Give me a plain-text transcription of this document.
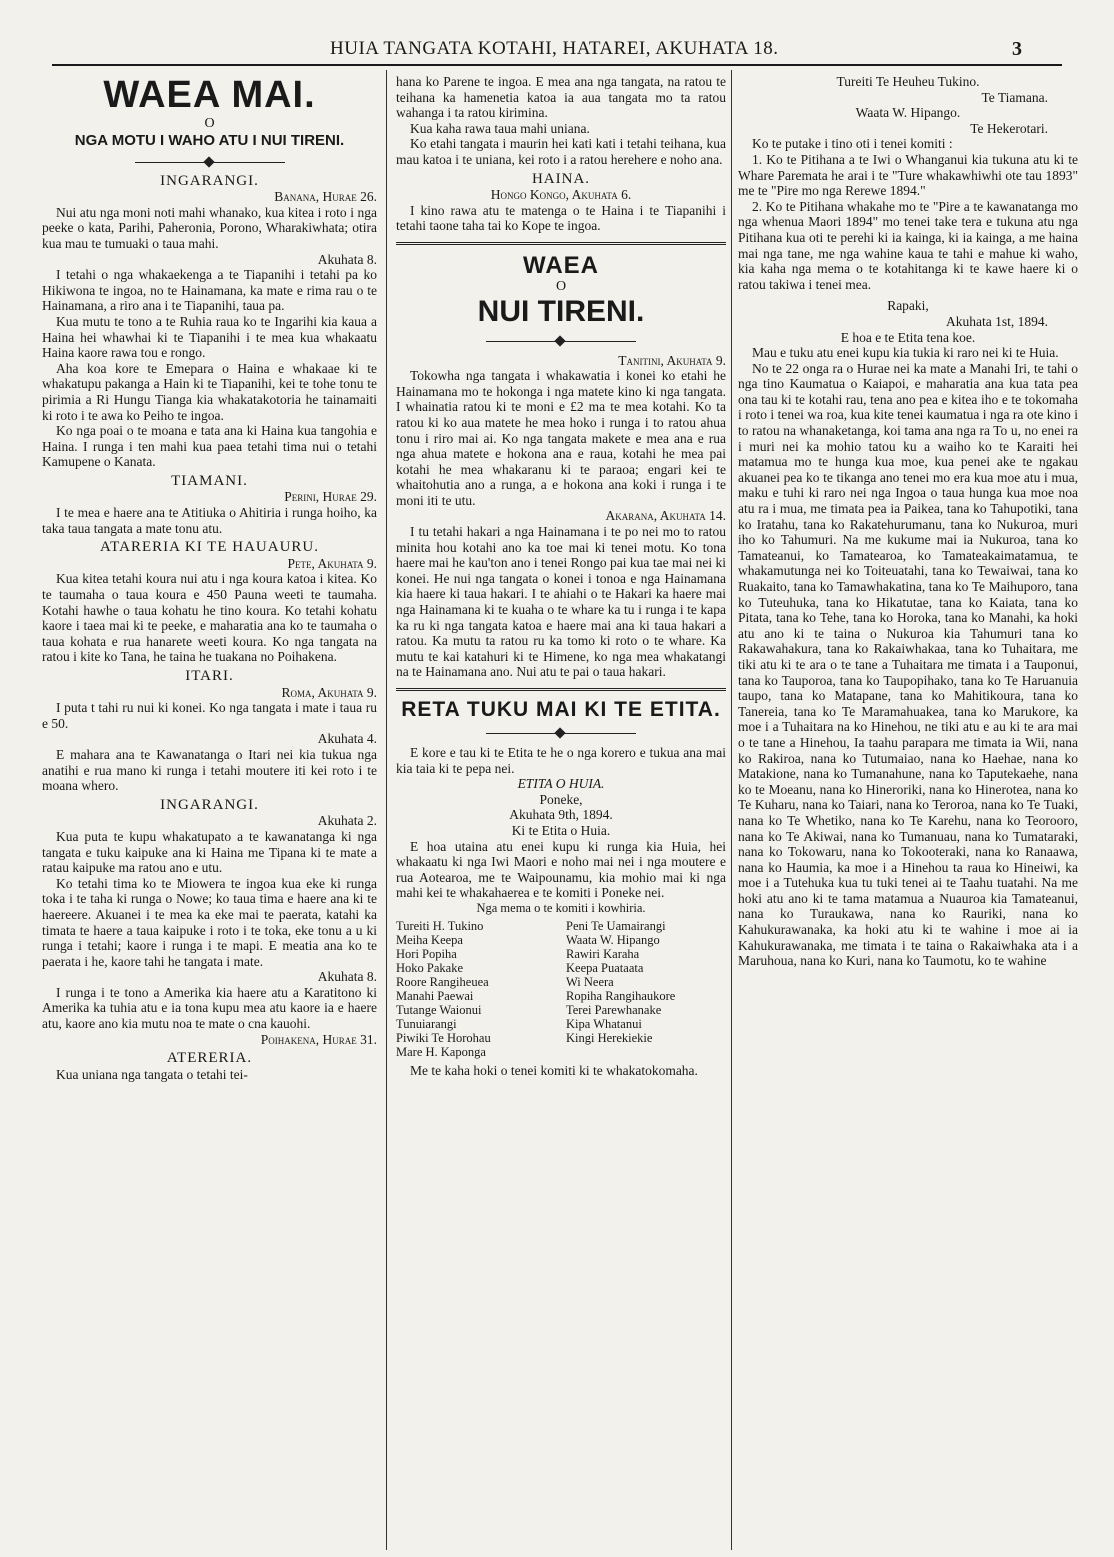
HUIA TANGATA KOTAHI, HATAREI, AKUHATA 18.	3
WAEA MAI.
O
NGA MOTU I WAHO ATU I NUI TIRENI.
INGARANGI.

Banana, Hurae 26.

Nui atu nga moni noti mahi whanako, kua kitea i roto i nga peeke o kata, Parihi, Paheronia, Porono, Wharakiwhata; otira kua mau te tumuaki o taua mahi.

Akuhata 8.

I tetahi o nga whakaekenga a te Tiapanihi i tetahi pa ko Hikiwona te ingoa, no te Hainamana, ka mate e rima rau o te Hainamana, a riro ana i te Tiapanihi, taua pa.

Kua mutu te tono a te Ruhia raua ko te Ingarihi kia kaua a Haina hei whawhai ki te Tiapanihi i te mea kua whakaatu Haina kaore rawa tou e rongo.

Aha koa kore te Emepara o Haina e whakaae ki te whakatupu pakanga a Hain ki te Tiapanihi, kei te tohe tonu te pirimia a Ri Hungu Tianga kia whakatakotoria he tainamaiti ki roto i te awa ko Peiho te ingoa.

Ko nga poai o te moana e tata ana ki Haina kua tangohia e Haina. I runga i ten mahi kua paea tetahi tima nui o tetahi Kamupene o Kanata.

TIAMANI.

Perini, Hurae 29.

I te mea e haere ana te Atitiuka o Ahitiria i runga hoiho, ka taka taua tangata a mate tonu atu.

ATARERIA KI TE HAUAURU.

Pete, Akuhata 9.

Kua kitea tetahi koura nui atu i nga koura katoa i kitea. Ko te taumaha o taua koura e 450 Pauna weeti te taumaha. Kotahi hawhe o taua kohatu he tino koura. Ko tetahi kohatu kaore i taea mai ki te peeke, e maharatia ana ko te taumaha o taua kohata e rua hanarete weeti koura. Ko nga tangata na ratou i kite ko Tana, he taina he tuakana no Poihakena.

ITARI.

Roma, Akuhata 9.

I puta t tahi ru nui ki konei. Ko nga tangata i mate i taua ru e 50.

Akuhata 4.

E mahara ana te Kawanatanga o Itari nei kia tukua nga anatihi e rua mano ki runga i tetahi moutere iti kei roto i te moana whero.

INGARANGI.

Akuhata 2.

Kua puta te kupu whakatupato a te kawanatanga ki nga tangata e tuku kaipuke ana ki Haina me Tipana ki te mate a ratau kaipuke ma ratou ano e utu.

Ko tetahi tima ko te Miowera te ingoa kua eke ki runga toka i te taha ki runga o Nowe; ko taua tima e haere ana ki te haereere. Akuanei i te mea ka eke mai te paerata, katahi ka timata te haere a taua kaipuke i roto i te toka, eke tonu a u ki runga i tetahi; kaore i runga i te mapi. E meatia ana ko te paerata i he, kaore tahi he tangata i mate.

Akuhata 8.

I runga i te tono a Amerika kia haere atu a Karatitono ki Amerika ka tuhia atu e ia tona kupu mea atu kaore ia e haere atu, kaore ano kia mutu noa te mate o cna kauohi.

Poihakena, Hurae 31.

ATERERIA.

Kua uniana nga tangata o tetahi tei-

hana ko Parene te ingoa. E mea ana nga tangata, na ratou te teihana ka hamenetia katoa ia aua tangata mo ta ratou wahanga i ta ratou kirimina.

Kua kaha rawa taua mahi uniana.

Ko etahi tangata i maurin hei kati kati i tetahi teihana, kua mau katoa i te uniana, kei roto i a ratou herehere e noho ana.

HAINA.

Hongo Kongo, Akuhata 6.

I kino rawa atu te matenga o te Haina i te Tiapanihi i tetahi taone taha tai ko Kope te ingoa.

WAEA
O
NUI TIRENI.

Tanitini, Akuhata 9.

Tokowha nga tangata i whakawatia i konei ko etahi he Hainamana mo te hokonga i nga matete kino ki nga tangata. I whainatia ratou ki te moni e £2 ma te mea kotahi. Ko ta ratou ki ko aua matete he mea hoko i runga i to ratou ahua tonu i riro mai ai. Ko nga tangata makete e mea ana e rua nga ahua matete e hokona ana e raua, kotahi he mea pai kotahi he mea whakaranu ki te paraoa; engari kei te whaitohutia ano a runga, a e hokona ana koki i runga i te moni iti te utu.

Akarana, Akuhata 14.

I tu tetahi hakari a nga Hainamana i te po nei mo to ratou minita hou kotahi ano ka toe mai ki tenei motu. Ko tona haere mai he kau'ton ano i tenei Rongo pai kua tae mai nei ki konei. He nui nga tangata o konei i tonoa e nga Hainamana kia haere ki taua hakari. I te ahiahi o te Hakari ka haere mai nga Hainamana ki te kuaha o te whare ka tu i runga i te kapa ka ru ki nga tangata katoa e haere mai ana ki taua hakari a ratou. Ka mutu ta ratou ru ka tomo ki roto o te whare. Ka mutu te kai katahuri ki te Himene, ko nga mea whakatangi na te Hainamana ano. Nui atu te pai o taua hakari.

RETA TUKU MAI KI TE ETITA.

E kore e tau ki te Etita te he o nga korero e tukua ana mai kia taia ki te pepa nei.

ETITA O HUIA.

Poneke,

Akuhata 9th, 1894.

Ki te Etita o Huia.

E hoa utaina atu enei kupu ki runga kia Huia, hei whakaatu ki nga Iwi Maori e noho mai nei i nga moutere e rua Aotearoa, me te Waipounamu, kia mohio mai ki nga mahi kei te whakahaerea e te komiti i Poneke nei.

Nga mema o te komiti i kowhiria.

Tureiti H. Tukino	Peni Te Uamairangi
Meiha Keepa	Waata W. Hipango
Hori Popiha	Rawiri Karaha
Hoko Pakake	Keepa Puataata
Roore Rangiheuea	Wi Neera
Manahi Paewai	Ropiha Rangihaukore
Tutange Waionui	Terei Parewhanake
Tunuiarangi	Kipa Whatanui
Piwiki Te Horohau	Kingi Herekiekie
Mare H. Kaponga

Me te kaha hoki o tenei komiti ki te whakatokomaha.

Tureiti Te Heuheu Tukino.

Te Tiamana.

Waata W. Hipango.

Te Hekerotari.

Ko te putake i tino oti i tenei komiti :

1. Ko te Pitihana a te Iwi o Whanganui kia tukuna atu ki te Whare Paremata he arai i te "Ture whakawhiwhi ote tau 1893" me te "Pire mo nga Rerewe 1894."

2. Ko te Pitihana whakahe mo te "Pire a te kawanatanga mo nga whenua Maori 1894" mo tenei take tera e tukuna atu nga Pitihana kua oti te perehi ki ia kainga, ki ia kainga, a me haina mai nga tane, me nga wahine kaua te tahi e mahue ki waho, kia kaha nga mema o te kotahitanga ki te kawe haere ki o ratou takiwa i tenei mea.

Rapaki,

Akuhata 1st, 1894.

E hoa e te Etita tena koe.

Mau e tuku atu enei kupu kia tukia ki raro nei ki te Huia.

No te 22 onga ra o Hurae nei ka mate a Manahi Iri, te tahi o nga tino Kaumatua o Kaiapoi, e maharatia ana kua tata pea ona tau ki te kotahi rau, tena ano pea e kitea iho e te tokomaha i roto i tenei wa roa, kua kite tenei kaumatua i nga ra ote kino i to ratou na whanaketanga, koi tama ana nga ra To u, no enei ra i muri nei ka mohio tatou ku a waiho ko te Karaiti hei matamua mo te hunga kua moe, kua penei ake te ngakau akuanei pea ko te tikanga ano tenei mo era kua moe atu i mua, maku e tuhi ki raro nei nga Ingoa o taua hunga kua moe noa atu ra i mua, me timata pea ia Paikea, tana ko Tahupotiki, tana ko Iratahu, tana ko Rakatehurumanu, tana ko Nukuroa, muri iho ko Tahumuri. Na me kukume mai ia Nukuroa, tana ko Tamateanui, ko Tamatearoa, ko Tamateakaimatamua, te whakamutunga nei ko Toiteuatahi, tana ko Tewaiwai, tana ko Ruakaito, tana ko Tamawhakatina, tana ko Te Maihuporo, tana ko Tuteuhuka, tana ko Hikatutae, tana ko Kaiata, tana ko Pitata, tana ko Tehe, tana ko Horoka, tana ko Manahi, ka hoki atu ano ki te taina o Nukuroa kia Tahumuri tana ko Rakawahakura, tana ko Rakaiwhakaa, tana ko Tuhaitara, me tiki atu ki te ara o te tane a Tuhaitara me timata i a Tauponui, tana ko Tauporoa, tana ko Taupopihako, tana ko Te Haruanuia taupo, tana ko Matapane, tana ko Mahitikoura, tana ko Tanereia, tana ko Te Maramahuakea, tana ko Marukore, ka moe i a Tuhaitara na ko Hinehou, ne tiki atu e au ki te ara mai o te tane a Hinehou, Ia taahu parapara me timata ia Wii, nana ko Rakiroa, nana ko Tutumaiao, nana ko Haehae, nana ko Matakione, nana ko Tumanahune, nana ko Taputekaehe, nana ko te Moeanu, nana ko Hineroriki, nana ko Hinerotea, nana ko Te Kuharu, nana ko Taiari, nana ko Teroroa, nana ko Te Tuaki, nana ko Te Whetiko, nana ko Te Karehu, nana ko Teorooro, nana ko Te Akiwai, nana ko Tumanuau, nana ko Tumataraki, nana ko Tokowaru, nana ko Tokooteraki, nana ko Ranaawa, nana ko Haumia, ka moe i a Hinehou ta raua ko Hineiwi, ka moe i a Tutehuka kua tu tuki tenei ai te Taahu tuatahi. Na me hoki atu ano ki te tama matamua a Nuauroa kia Tamateanui, nana ko Turaukawa, nana ko Rauriki, nana ko Kahukurawanaka, ka hoki atu ki te wahine i moe ai ia Kahukurawanaka, me timata i te taina o Rakaiwhaka ata i a Maruhoua, nana ko Kuri, nana ko Taumotu, ko te wahine
